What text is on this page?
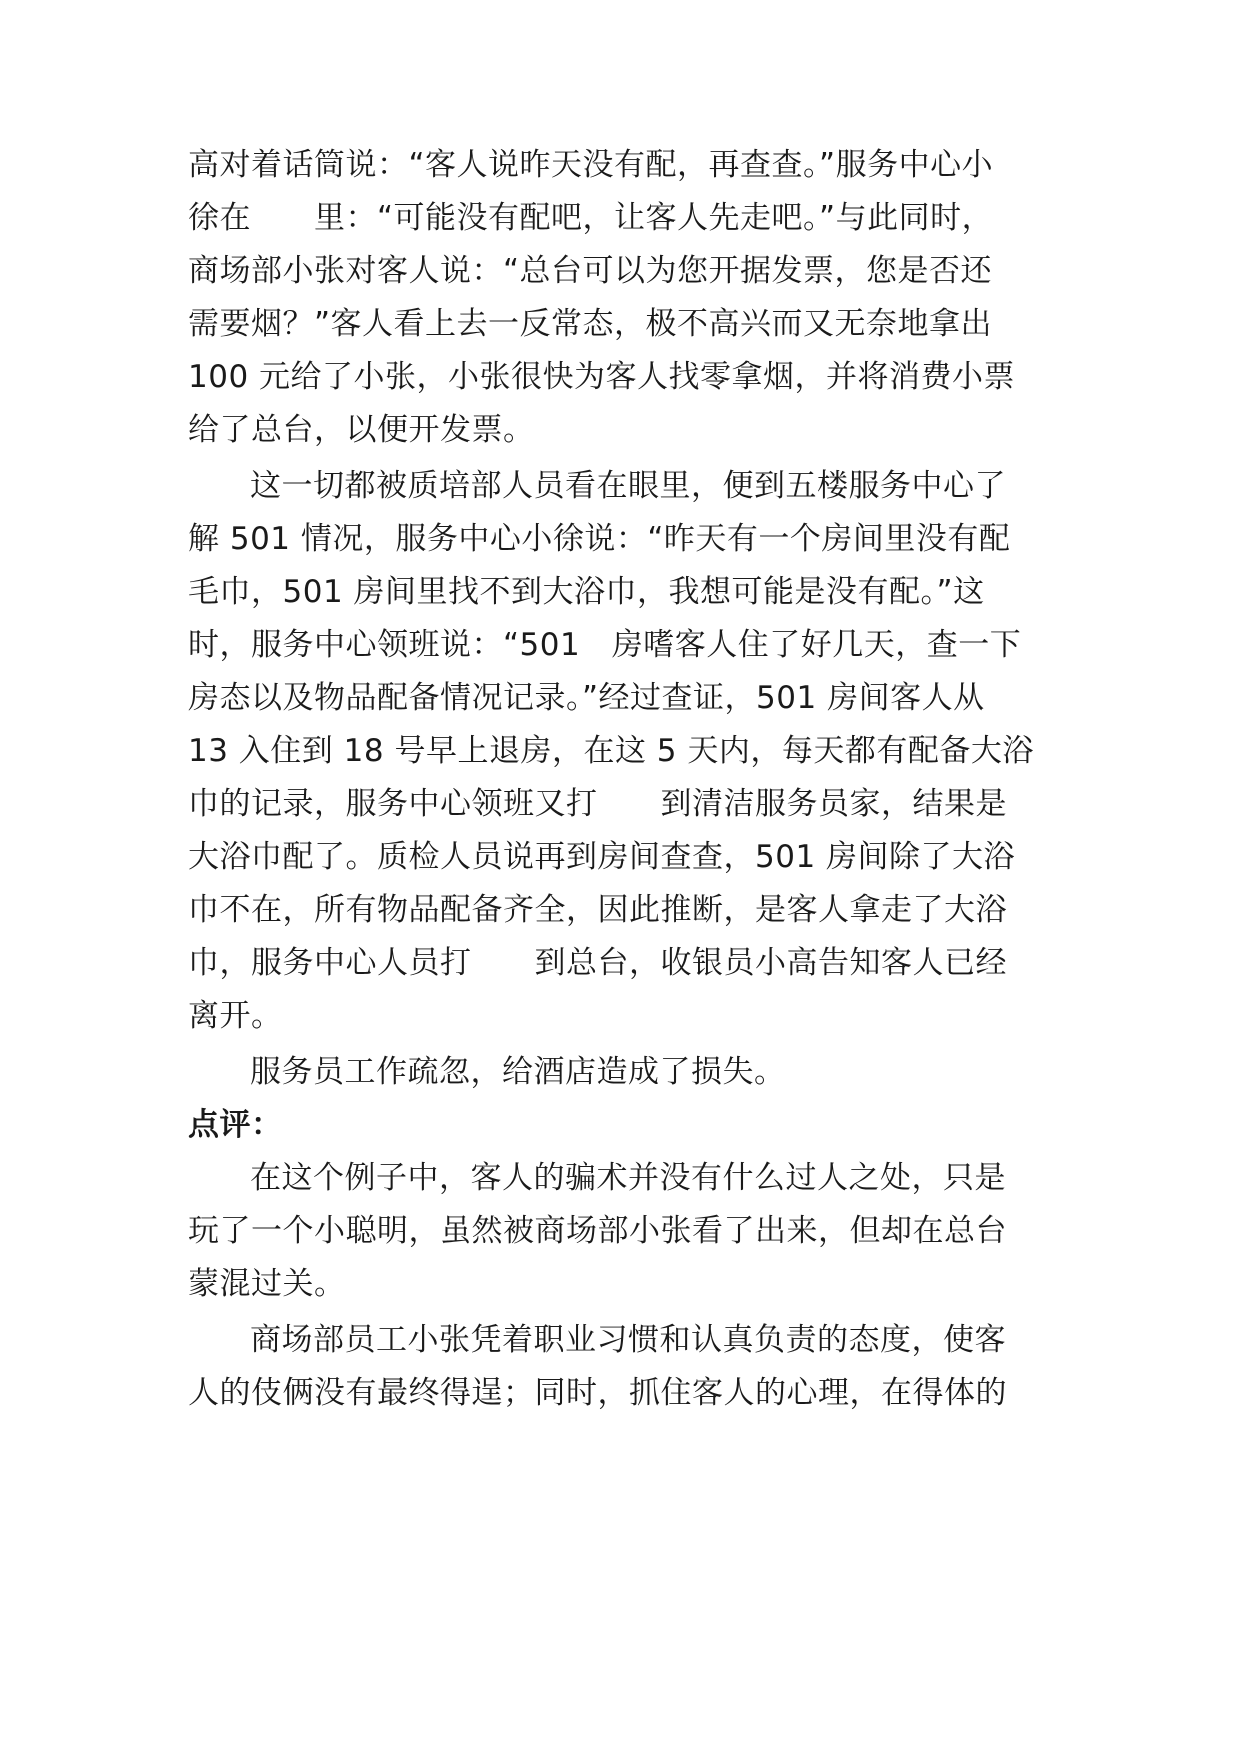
高对着话筒说：“客人说昨天没有配，再查查。”服务中心小
徐在　　里：“可能没有配吧，让客人先走吧。”与此同时，
商场部小张对客人说：“总台可以为您开据发票，您是否还
需要烟？”客人看上去一反常态，极不高兴而又无奈地拿出
100 元给了小张，小张很快为客人找零拿烟，并将消费小票
给了总台，以便开发票。
这一切都被质培部人员看在眼里，便到五楼服务中心了
解 501 情况，服务中心小徐说：“昨天有一个房间里没有配
毛巾，501 房间里找不到大浴巾，我想可能是没有配。”这
时，服务中心领班说：“501　房嗜客人住了好几天，查一下
房态以及物品配备情况记录。”经过查证，501 房间客人从
13 入住到 18 号早上退房，在这 5 天内，每天都有配备大浴
巾的记录，服务中心领班又打　　到清洁服务员家，结果是
大浴巾配了。质检人员说再到房间查查，501 房间除了大浴
巾不在，所有物品配备齐全，因此推断，是客人拿走了大浴
巾，服务中心人员打　　到总台，收银员小高告知客人已经
离开。
服务员工作疏忽，给酒店造成了损失。
点评：
在这个例子中，客人的骗术并没有什么过人之处，只是
玩了一个小聪明，虽然被商场部小张看了出来，但却在总台
蒙混过关。
商场部员工小张凭着职业习惯和认真负责的态度，使客
人的伎俩没有最终得逞；同时，抓住客人的心理，在得体的
